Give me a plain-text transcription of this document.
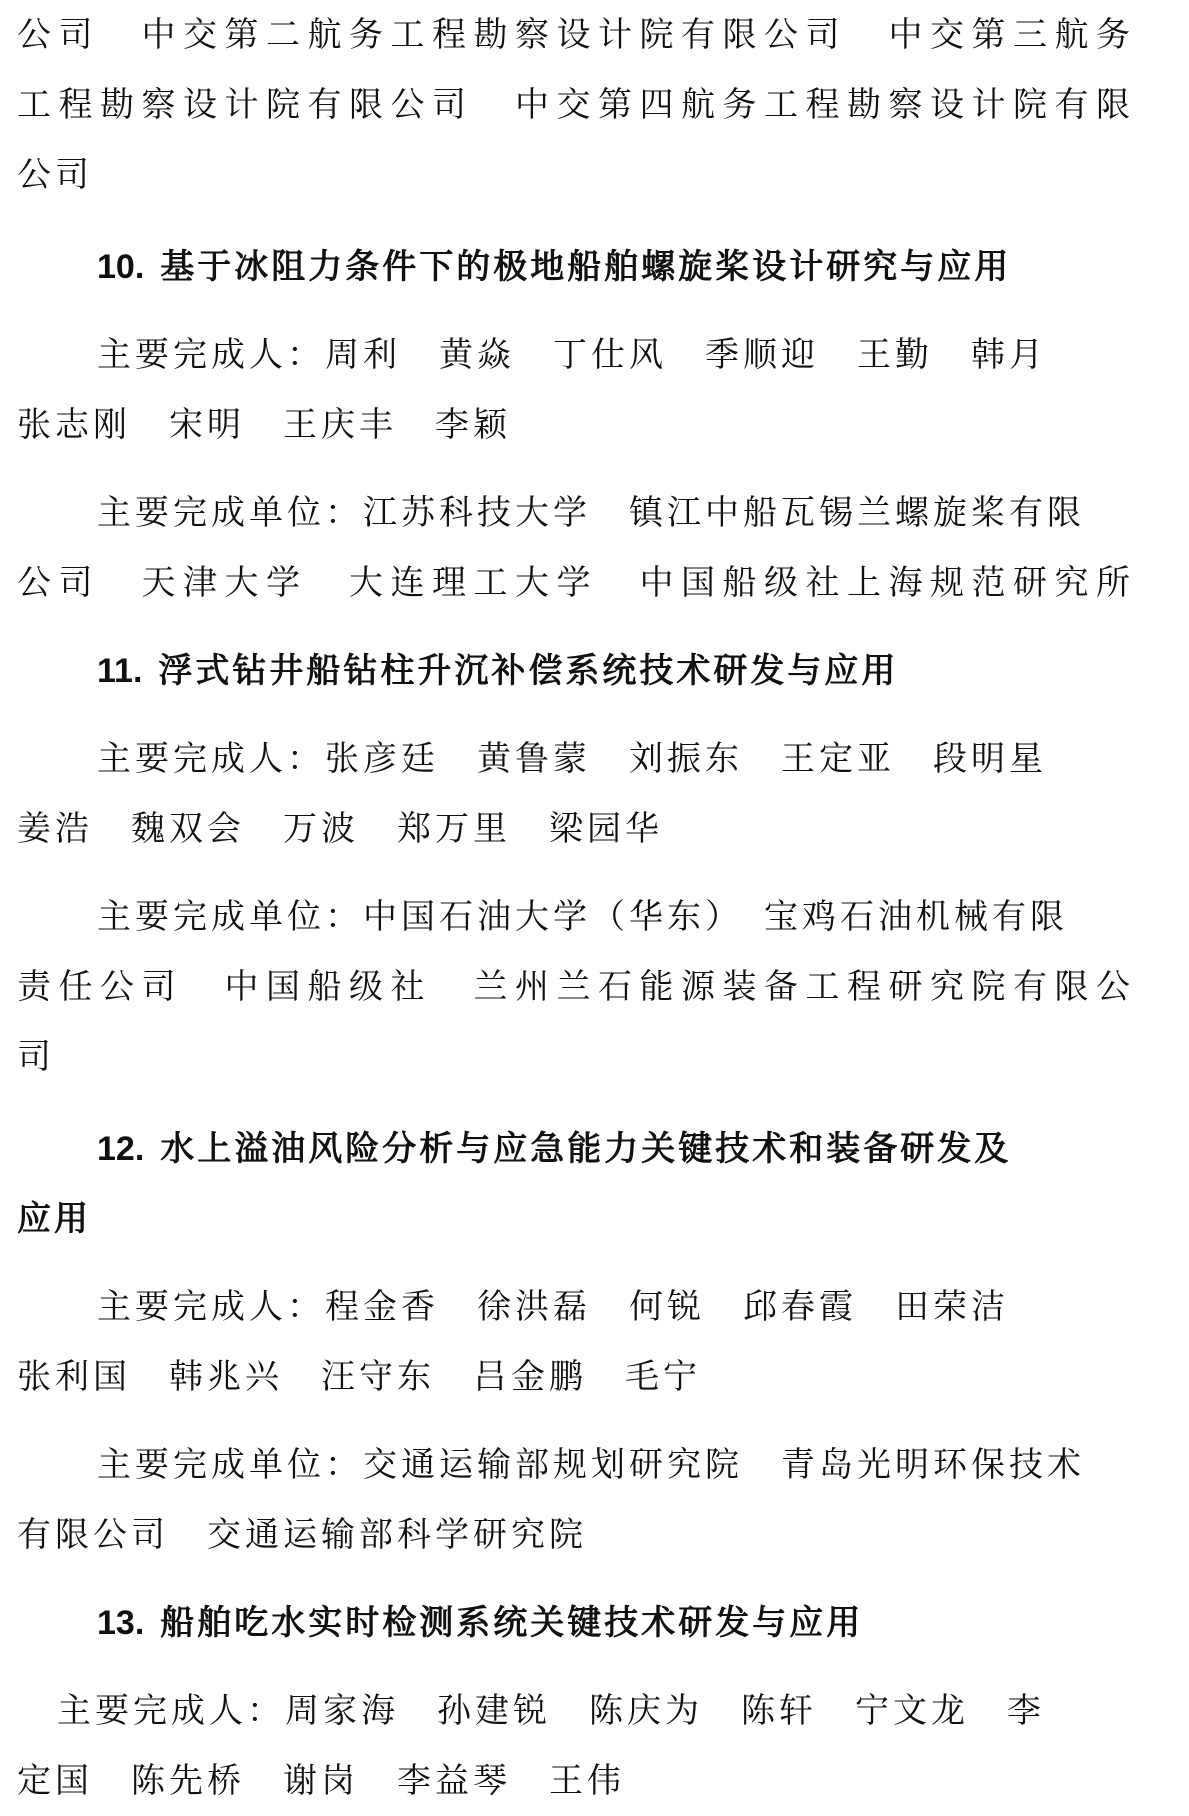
公司　中交第二航务工程勘察设计院有限公司　中交第三航务
工程勘察设计院有限公司　中交第四航务工程勘察设计院有限
公司
10. 基于冰阻力条件下的极地船舶螺旋桨设计研究与应用
主要完成人：周利　黄焱　丁仕风　季顺迎　王勤　韩月
张志刚　宋明　王庆丰　李颖
主要完成单位：江苏科技大学　镇江中船瓦锡兰螺旋桨有限
公司　天津大学　大连理工大学　中国船级社上海规范研究所
11. 浮式钻井船钻柱升沉补偿系统技术研发与应用
主要完成人：张彦廷　黄鲁蒙　刘振东　王定亚　段明星
姜浩　魏双会　万波　郑万里　梁园华
主要完成单位：中国石油大学（华东）　宝鸡石油机械有限
责任公司　中国船级社　兰州兰石能源装备工程研究院有限公
司
12. 水上溢油风险分析与应急能力关键技术和装备研发及
应用
主要完成人：程金香　徐洪磊　何锐　邱春霞　田荣洁
张利国　韩兆兴　汪守东　吕金鹏　毛宁
主要完成单位：交通运输部规划研究院　青岛光明环保技术
有限公司　交通运输部科学研究院
13. 船舶吃水实时检测系统关键技术研发与应用
主要完成人：周家海　孙建锐　陈庆为　陈轩　宁文龙　李
定国　陈先桥　谢岗　李益琴　王伟
